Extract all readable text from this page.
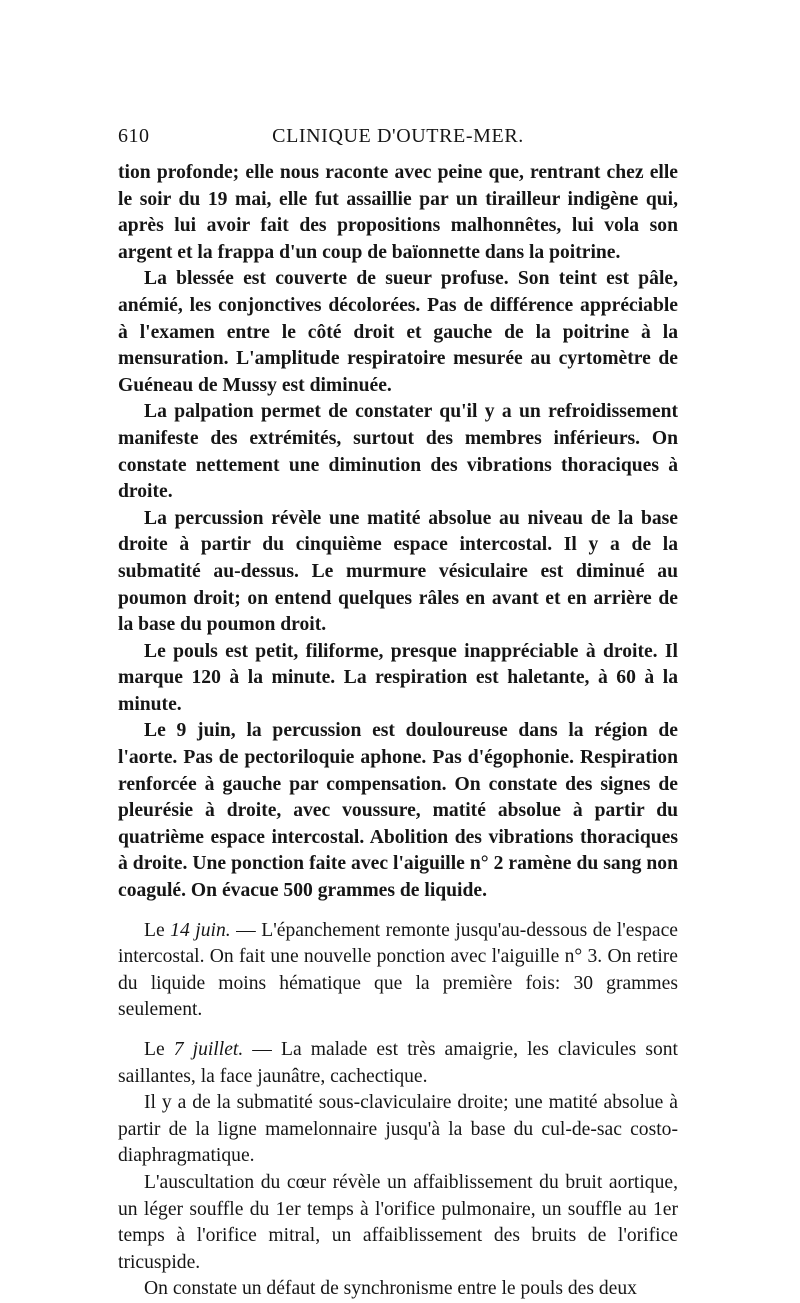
610	CLINIQUE D'OUTRE-MER.

tion profonde; elle nous raconte avec peine que, rentrant chez elle le soir du 19 mai, elle fut assaillie par un tirailleur indigène qui, après lui avoir fait des propositions malhonnêtes, lui vola son argent et la frappa d'un coup de baïonnette dans la poitrine.

La blessée est couverte de sueur profuse. Son teint est pâle, anémié, les conjonctives décolorées. Pas de différence appréciable à l'examen entre le côté droit et gauche de la poitrine à la mensuration. L'amplitude respiratoire mesurée au cyrtomètre de Guéneau de Mussy est diminuée.

La palpation permet de constater qu'il y a un refroidissement manifeste des extrémités, surtout des membres inférieurs. On constate nettement une diminution des vibrations thoraciques à droite.

La percussion révèle une matité absolue au niveau de la base droite à partir du cinquième espace intercostal. Il y a de la submatité au-dessus. Le murmure vésiculaire est diminué au poumon droit; on entend quelques râles en avant et en arrière de la base du poumon droit.

Le pouls est petit, filiforme, presque inappréciable à droite. Il marque 120 à la minute. La respiration est haletante, à 60 à la minute.

Le 9 juin, la percussion est douloureuse dans la région de l'aorte. Pas de pectoriloquie aphone. Pas d'égophonie. Respiration renforcée à gauche par compensation. On constate des signes de pleurésie à droite, avec voussure, matité absolue à partir du quatrième espace intercostal. Abolition des vibrations thoraciques à droite. Une ponction faite avec l'aiguille n° 2 ramène du sang non coagulé. On évacue 500 grammes de liquide.

Le 14 juin. — L'épanchement remonte jusqu'au-dessous de l'espace intercostal. On fait une nouvelle ponction avec l'aiguille n° 3. On retire du liquide moins hématique que la première fois: 30 grammes seulement.

Le 7 juillet. — La malade est très amaigrie, les clavicules sont saillantes, la face jaunâtre, cachectique.

Il y a de la submatité sous-claviculaire droite; une matité absolue à partir de la ligne mamelonnaire jusqu'à la base du cul-de-sac costo-diaphragmatique.

L'auscultation du cœur révèle un affaiblissement du bruit aortique, un léger souffle du 1er temps à l'orifice pulmonaire, un souffle au 1er temps à l'orifice mitral, un affaiblissement des bruits de l'orifice tricuspide.

On constate un défaut de synchronisme entre le pouls des deux
